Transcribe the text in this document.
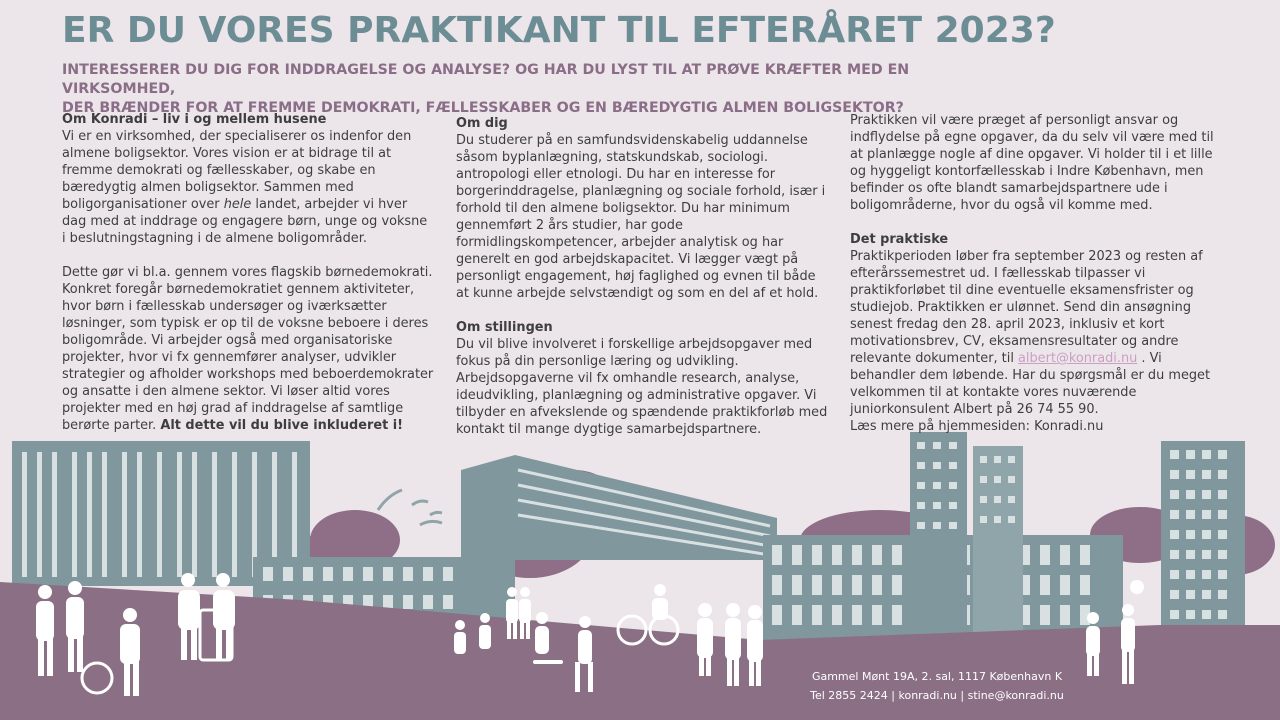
ER DU VORES PRAKTIKANT TIL EFTERÅRET 2023?
INTERESSERER DU DIG FOR INDDRAGELSE OG ANALYSE? OG HAR DU LYST TIL AT PRØVE KRÆFTER MED EN VIRKSOMHED,
DER BRÆNDER FOR AT FREMME DEMOKRATI, FÆLLESSKABER OG EN BÆREDYGTIG ALMEN BOLIGSEKTOR?

Om Konradi – liv i og mellem husene

Vi er en virksomhed, der specialiserer os indenfor den almene boligsektor. Vores vision er at bidrage til at fremme demokrati og fællesskaber, og skabe en bæredygtig almen boligsektor. Sammen med boligorganisationer over hele landet, arbejder vi hver dag med at inddrage og engagere børn, unge og voksne i beslutningstagning i de almene boligområder.

Dette gør vi bl.a. gennem vores flagskib børnedemokrati. Konkret foregår børnedemokratiet gennem aktiviteter, hvor børn i fællesskab undersøger og iværksætter løsninger, som typisk er op til de voksne beboere i deres boligområde. Vi arbejder også med organisatoriske projekter, hvor vi fx gennemfører analyser, udvikler strategier og afholder workshops med beboerdemokrater og ansatte i den almene sektor. Vi løser altid vores projekter med en høj grad af inddragelse af samtlige berørte parter. Alt dette vil du blive inkluderet i!

Om dig

Du studerer på en samfundsvidenskabelig uddannelse såsom byplanlægning, statskundskab, sociologi. antropologi eller etnologi. Du har en interesse for borgerinddragelse, planlægning og sociale forhold, især i forhold til den almene boligsektor. Du har minimum gennemført 2 års studier, har gode formidlingskompetencer, arbejder analytisk og har generelt en god arbejdskapacitet. Vi lægger vægt på personligt engagement, høj faglighed og evnen til både at kunne arbejde selvstændigt og som en del af et hold.

Om stillingen

Du vil blive involveret i forskellige arbejdsopgaver med fokus på din personlige læring og udvikling. Arbejdsopgaverne vil fx omhandle research, analyse, ideudvikling, planlægning og administrative opgaver. Vi tilbyder en afvekslende og spændende praktikforløb med kontakt til mange dygtige samarbejdspartnere.

Praktikken vil være præget af personligt ansvar og indflydelse på egne opgaver, da du selv vil være med til at planlægge nogle af dine opgaver. Vi holder til i et lille og hyggeligt kontorfællesskab i Indre København, men befinder os ofte blandt samarbejdspartnere ude i boligområderne, hvor du også vil komme med.

Det praktiske

Praktikperioden løber fra september 2023 og resten af efterårssemestret ud. I fællesskab tilpasser vi praktikforløbet til dine eventuelle eksamensfrister og studiejob. Praktikken er ulønnet. Send din ansøgning senest fredag den 28. april 2023, inklusiv et kort motivationsbrev, CV, eksamensresultater og andre relevante dokumenter, til albert@konradi.nu . Vi behandler dem løbende. Har du spørgsmål er du meget velkommen til at kontakte vores nuværende juniorkonsulent Albert på 26 74 55 90.

Læs mere på hjemmesiden: Konradi.nu

Gammel Mønt 19A, 2. sal, 1117 København K
Tel 2855 2424 | konradi.nu | stine@konradi.nu
